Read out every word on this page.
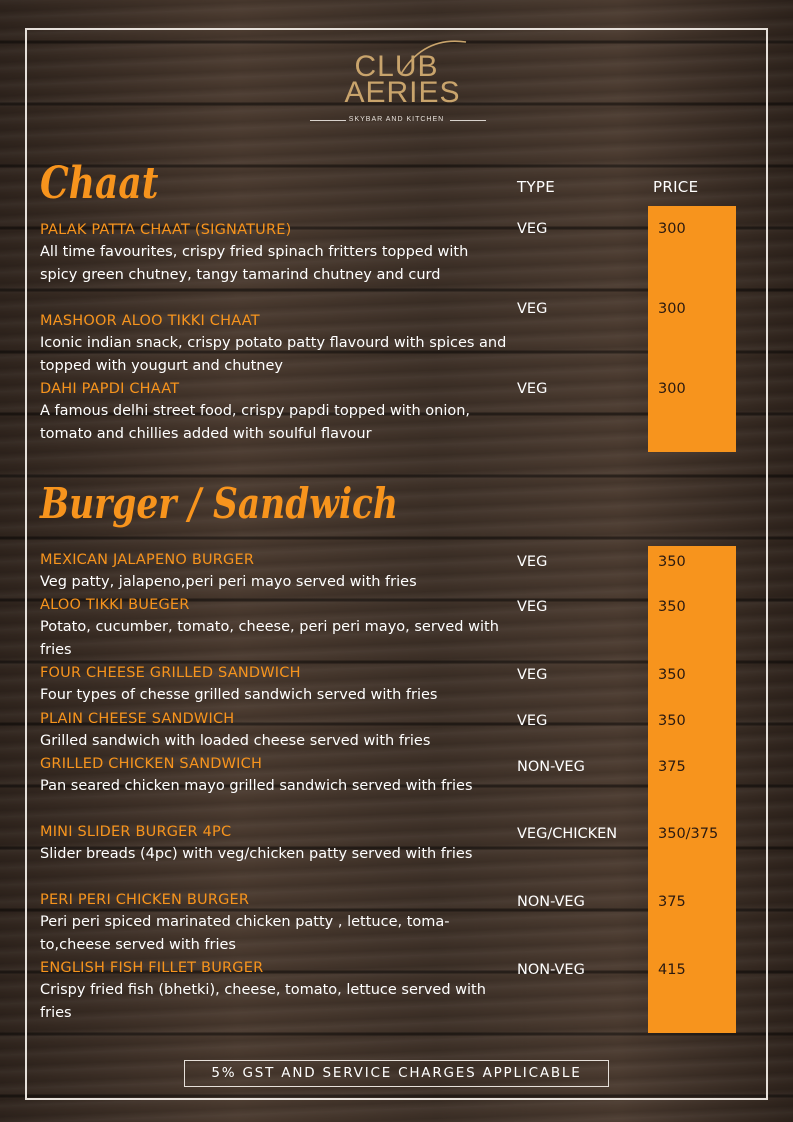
CLUB
AERIES
SKYBAR AND KITCHEN
Chaat	TYPE	PRICE
PALAK PATTA CHAAT (SIGNATURE)
All time favourites, crispy fried spinach fritters topped with spicy green chutney, tangy tamarind chutney and curd
VEG	300
MASHOOR ALOO TIKKI CHAAT
Iconic indian snack, crispy potato patty flavourd with spices and topped with yougurt and chutney
VEG	300
DAHI PAPDI CHAAT
A famous delhi street food, crispy papdi topped with onion, tomato and chillies added with soulful flavour
VEG	300
Burger / Sandwich
MEXICAN JALAPENO BURGER
Veg patty, jalapeno,peri peri mayo served with fries
VEG	350
ALOO TIKKI BUEGER
Potato, cucumber, tomato, cheese, peri peri mayo, served with fries
VEG	350
FOUR CHEESE GRILLED SANDWICH
Four types of chesse grilled sandwich served with fries
VEG	350
PLAIN CHEESE SANDWICH
Grilled sandwich with loaded cheese served with fries
VEG	350
GRILLED CHICKEN SANDWICH
Pan seared chicken mayo grilled sandwich served with fries
NON-VEG	375
MINI SLIDER BURGER 4PC
Slider breads (4pc) with veg/chicken patty served with fries
VEG/CHICKEN	350/375
PERI PERI CHICKEN BURGER
Peri peri spiced marinated chicken patty , lettuce, toma-to,cheese served with fries
NON-VEG	375
ENGLISH FISH FILLET BURGER
Crispy fried fish (bhetki), cheese, tomato, lettuce served with fries
NON-VEG	415
5% GST AND SERVICE CHARGES APPLICABLE
